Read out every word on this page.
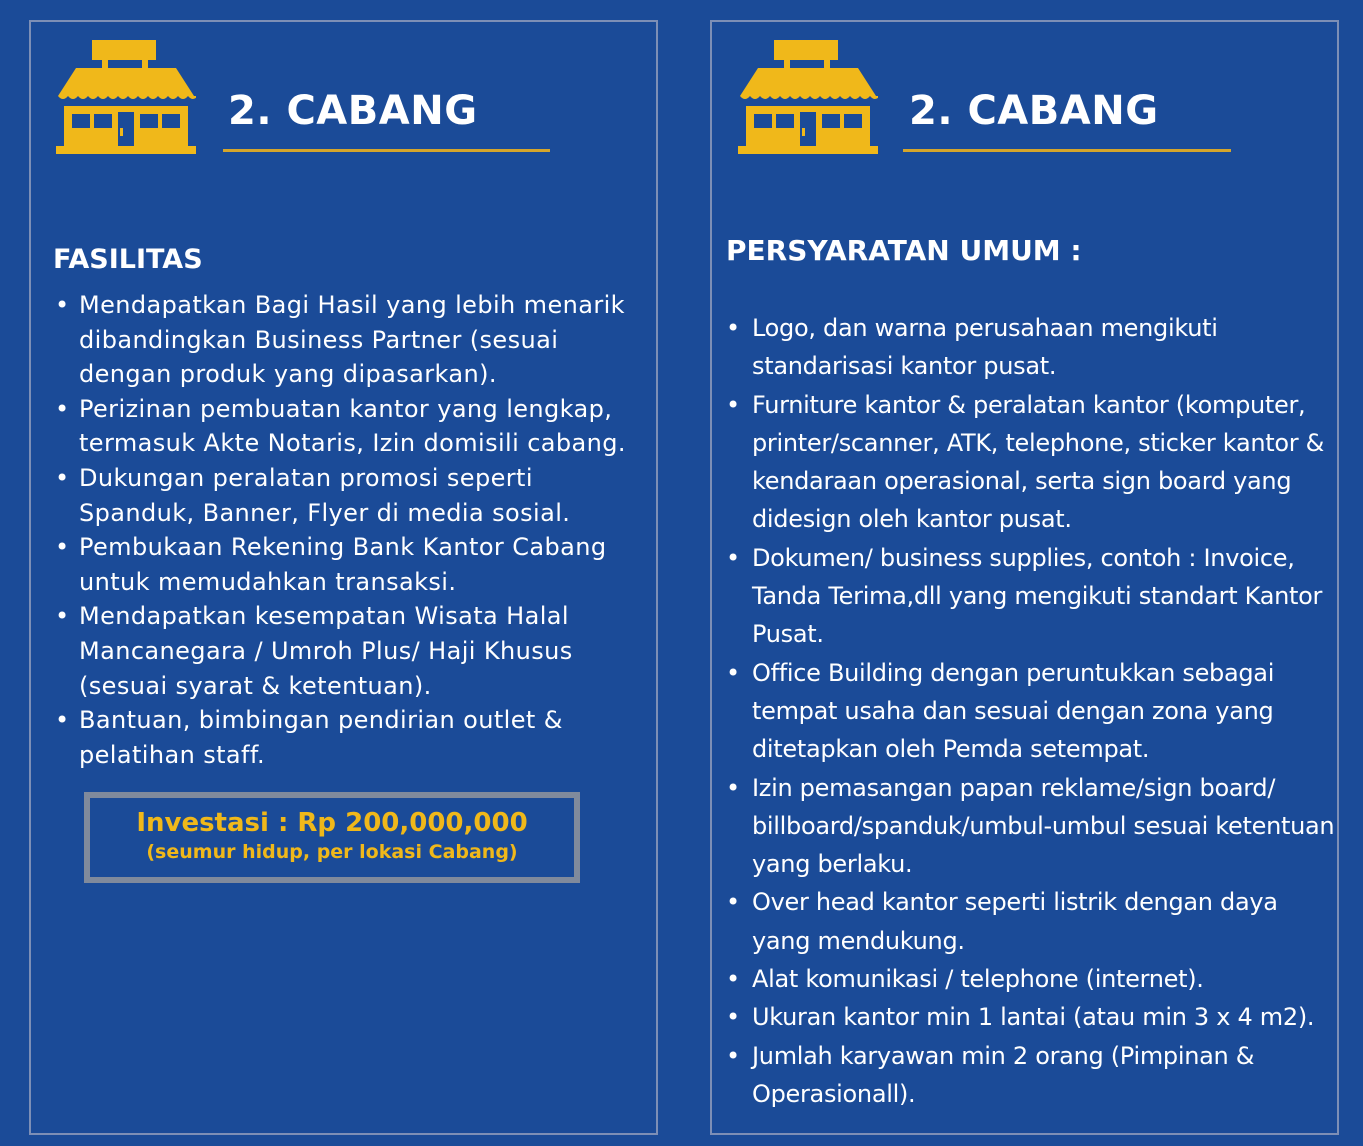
2. CABANG
FASILITAS
• Mendapatkan Bagi Hasil yang lebih menarik dibandingkan Business Partner (sesuai dengan produk yang dipasarkan).
• Perizinan pembuatan kantor yang lengkap, termasuk Akte Notaris, Izin domisili cabang.
• Dukungan peralatan promosi seperti Spanduk, Banner, Flyer di media sosial.
• Pembukaan Rekening Bank Kantor Cabang untuk memudahkan transaksi.
• Mendapatkan kesempatan Wisata Halal Mancanegara / Umroh Plus/ Haji Khusus (sesuai syarat & ketentuan).
• Bantuan, bimbingan pendirian outlet & pelatihan staff.
Investasi : Rp 200,000,000
(seumur hidup, per lokasi Cabang)
2. CABANG
PERSYARATAN UMUM :
• Logo, dan warna perusahaan mengikuti standarisasi kantor pusat.
• Furniture kantor & peralatan kantor (komputer, printer/scanner, ATK, telephone, sticker kantor & kendaraan operasional, serta sign board yang didesign oleh kantor pusat.
• Dokumen/ business supplies, contoh : Invoice, Tanda Terima,dll yang mengikuti standart Kantor Pusat.
• Office Building dengan peruntukkan sebagai tempat usaha dan sesuai dengan zona yang ditetapkan oleh Pemda setempat.
• Izin pemasangan papan reklame/sign board/ billboard/spanduk/umbul-umbul sesuai ketentuan yang berlaku.
• Over head kantor seperti listrik dengan daya yang mendukung.
• Alat komunikasi / telephone (internet).
• Ukuran kantor min 1 lantai (atau min 3 x 4 m2).
• Jumlah karyawan min 2 orang (Pimpinan & Operasionall).
